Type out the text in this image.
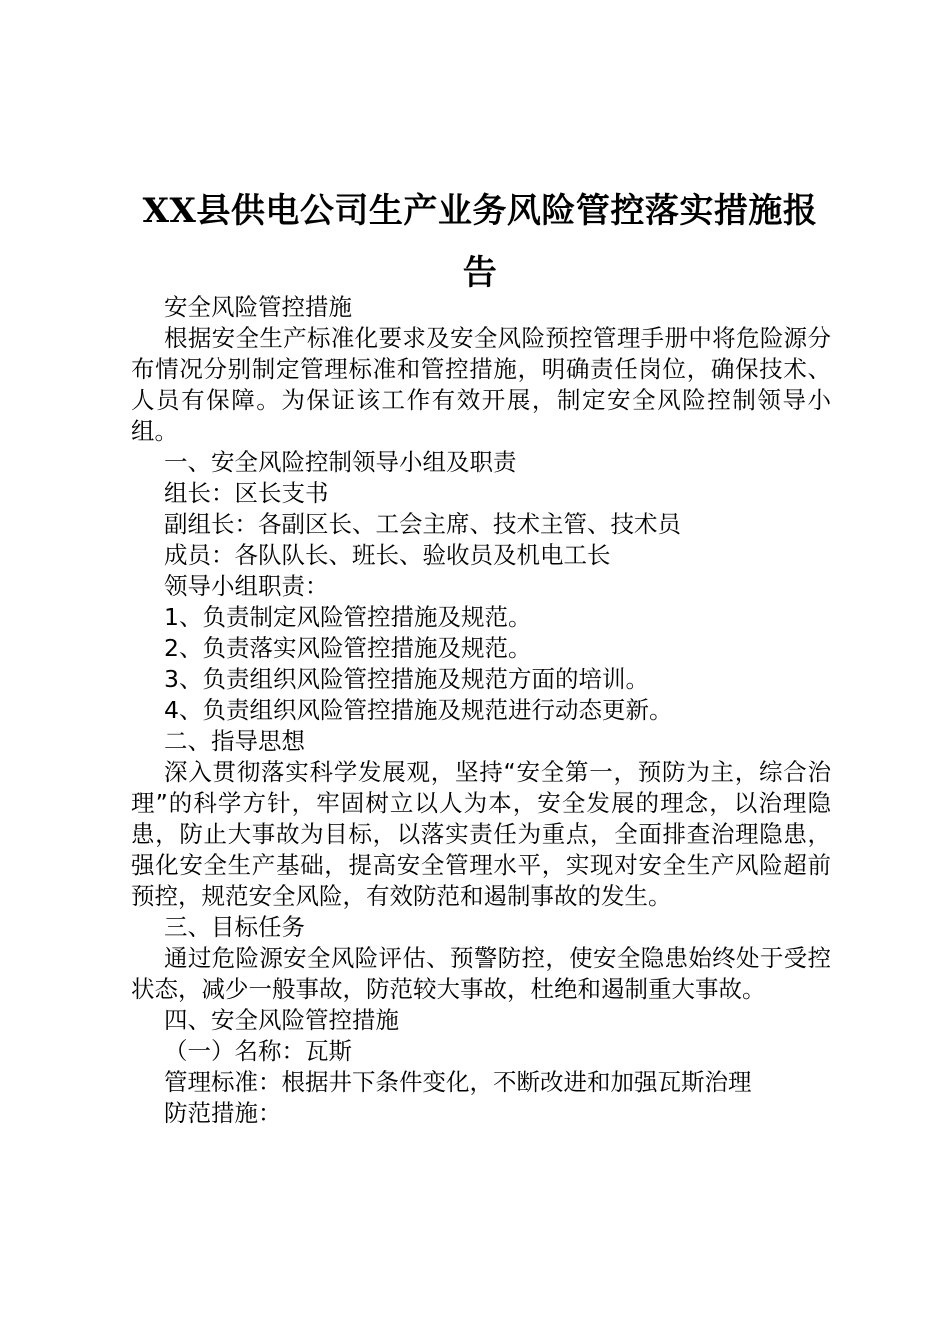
XX县供电公司生产业务风险管控落实措施报告

安全风险管控措施

根据安全生产标准化要求及安全风险预控管理手册中将危险源分布情况分别制定管理标准和管控措施，明确责任岗位，确保技术、人员有保障。为保证该工作有效开展，制定安全风险控制领导小组。

一、安全风险控制领导小组及职责

组长：区长支书

副组长：各副区长、工会主席、技术主管、技术员

成员：各队队长、班长、验收员及机电工长

领导小组职责：

1、负责制定风险管控措施及规范。

2、负责落实风险管控措施及规范。

3、负责组织风险管控措施及规范方面的培训。

4、负责组织风险管控措施及规范进行动态更新。

二、指导思想

深入贯彻落实科学发展观，坚持“安全第一，预防为主，综合治理”的科学方针，牢固树立以人为本，安全发展的理念，以治理隐患，防止大事故为目标，以落实责任为重点，全面排查治理隐患，强化安全生产基础，提高安全管理水平，实现对安全生产风险超前预控，规范安全风险，有效防范和遏制事故的发生。

三、目标任务

通过危险源安全风险评估、预警防控，使安全隐患始终处于受控状态，减少一般事故，防范较大事故，杜绝和遏制重大事故。

四、安全风险管控措施

（一）名称：瓦斯

管理标准：根据井下条件变化，不断改进和加强瓦斯治理

防范措施：
